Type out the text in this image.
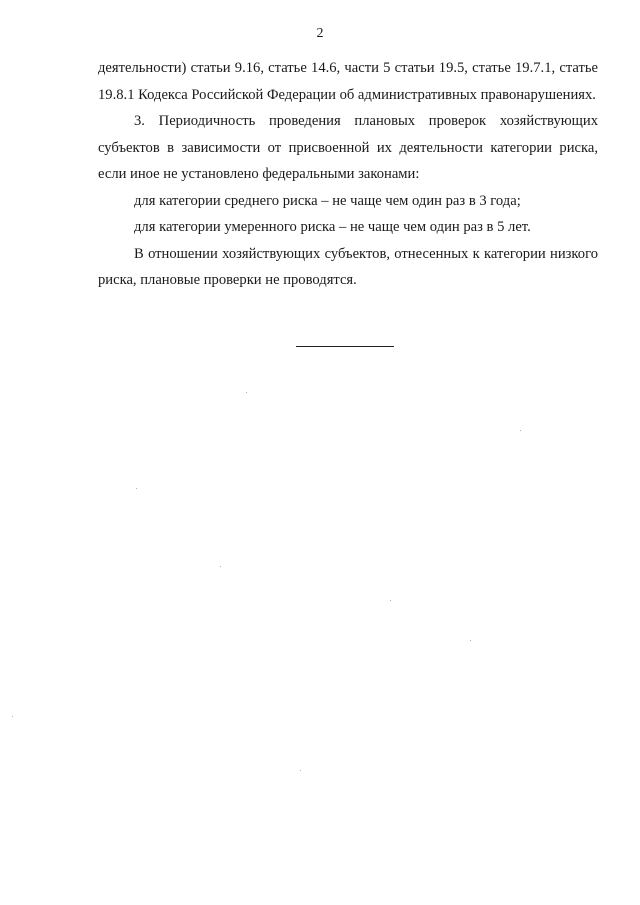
2

деятельности) статьи 9.16, статье 14.6, части 5 статьи 19.5, статье 19.7.1, статье 19.8.1 Кодекса Российской Федерации об административных правонарушениях.

3. Периодичность проведения плановых проверок хозяйствующих субъектов в зависимости от присвоенной их деятельности категории риска, если иное не установлено федеральными законами:

для категории среднего риска – не чаще чем один раз в 3 года;

для категории умеренного риска – не чаще чем один раз в 5 лет.

В отношении хозяйствующих субъектов, отнесенных к категории низкого риска, плановые проверки не проводятся.
